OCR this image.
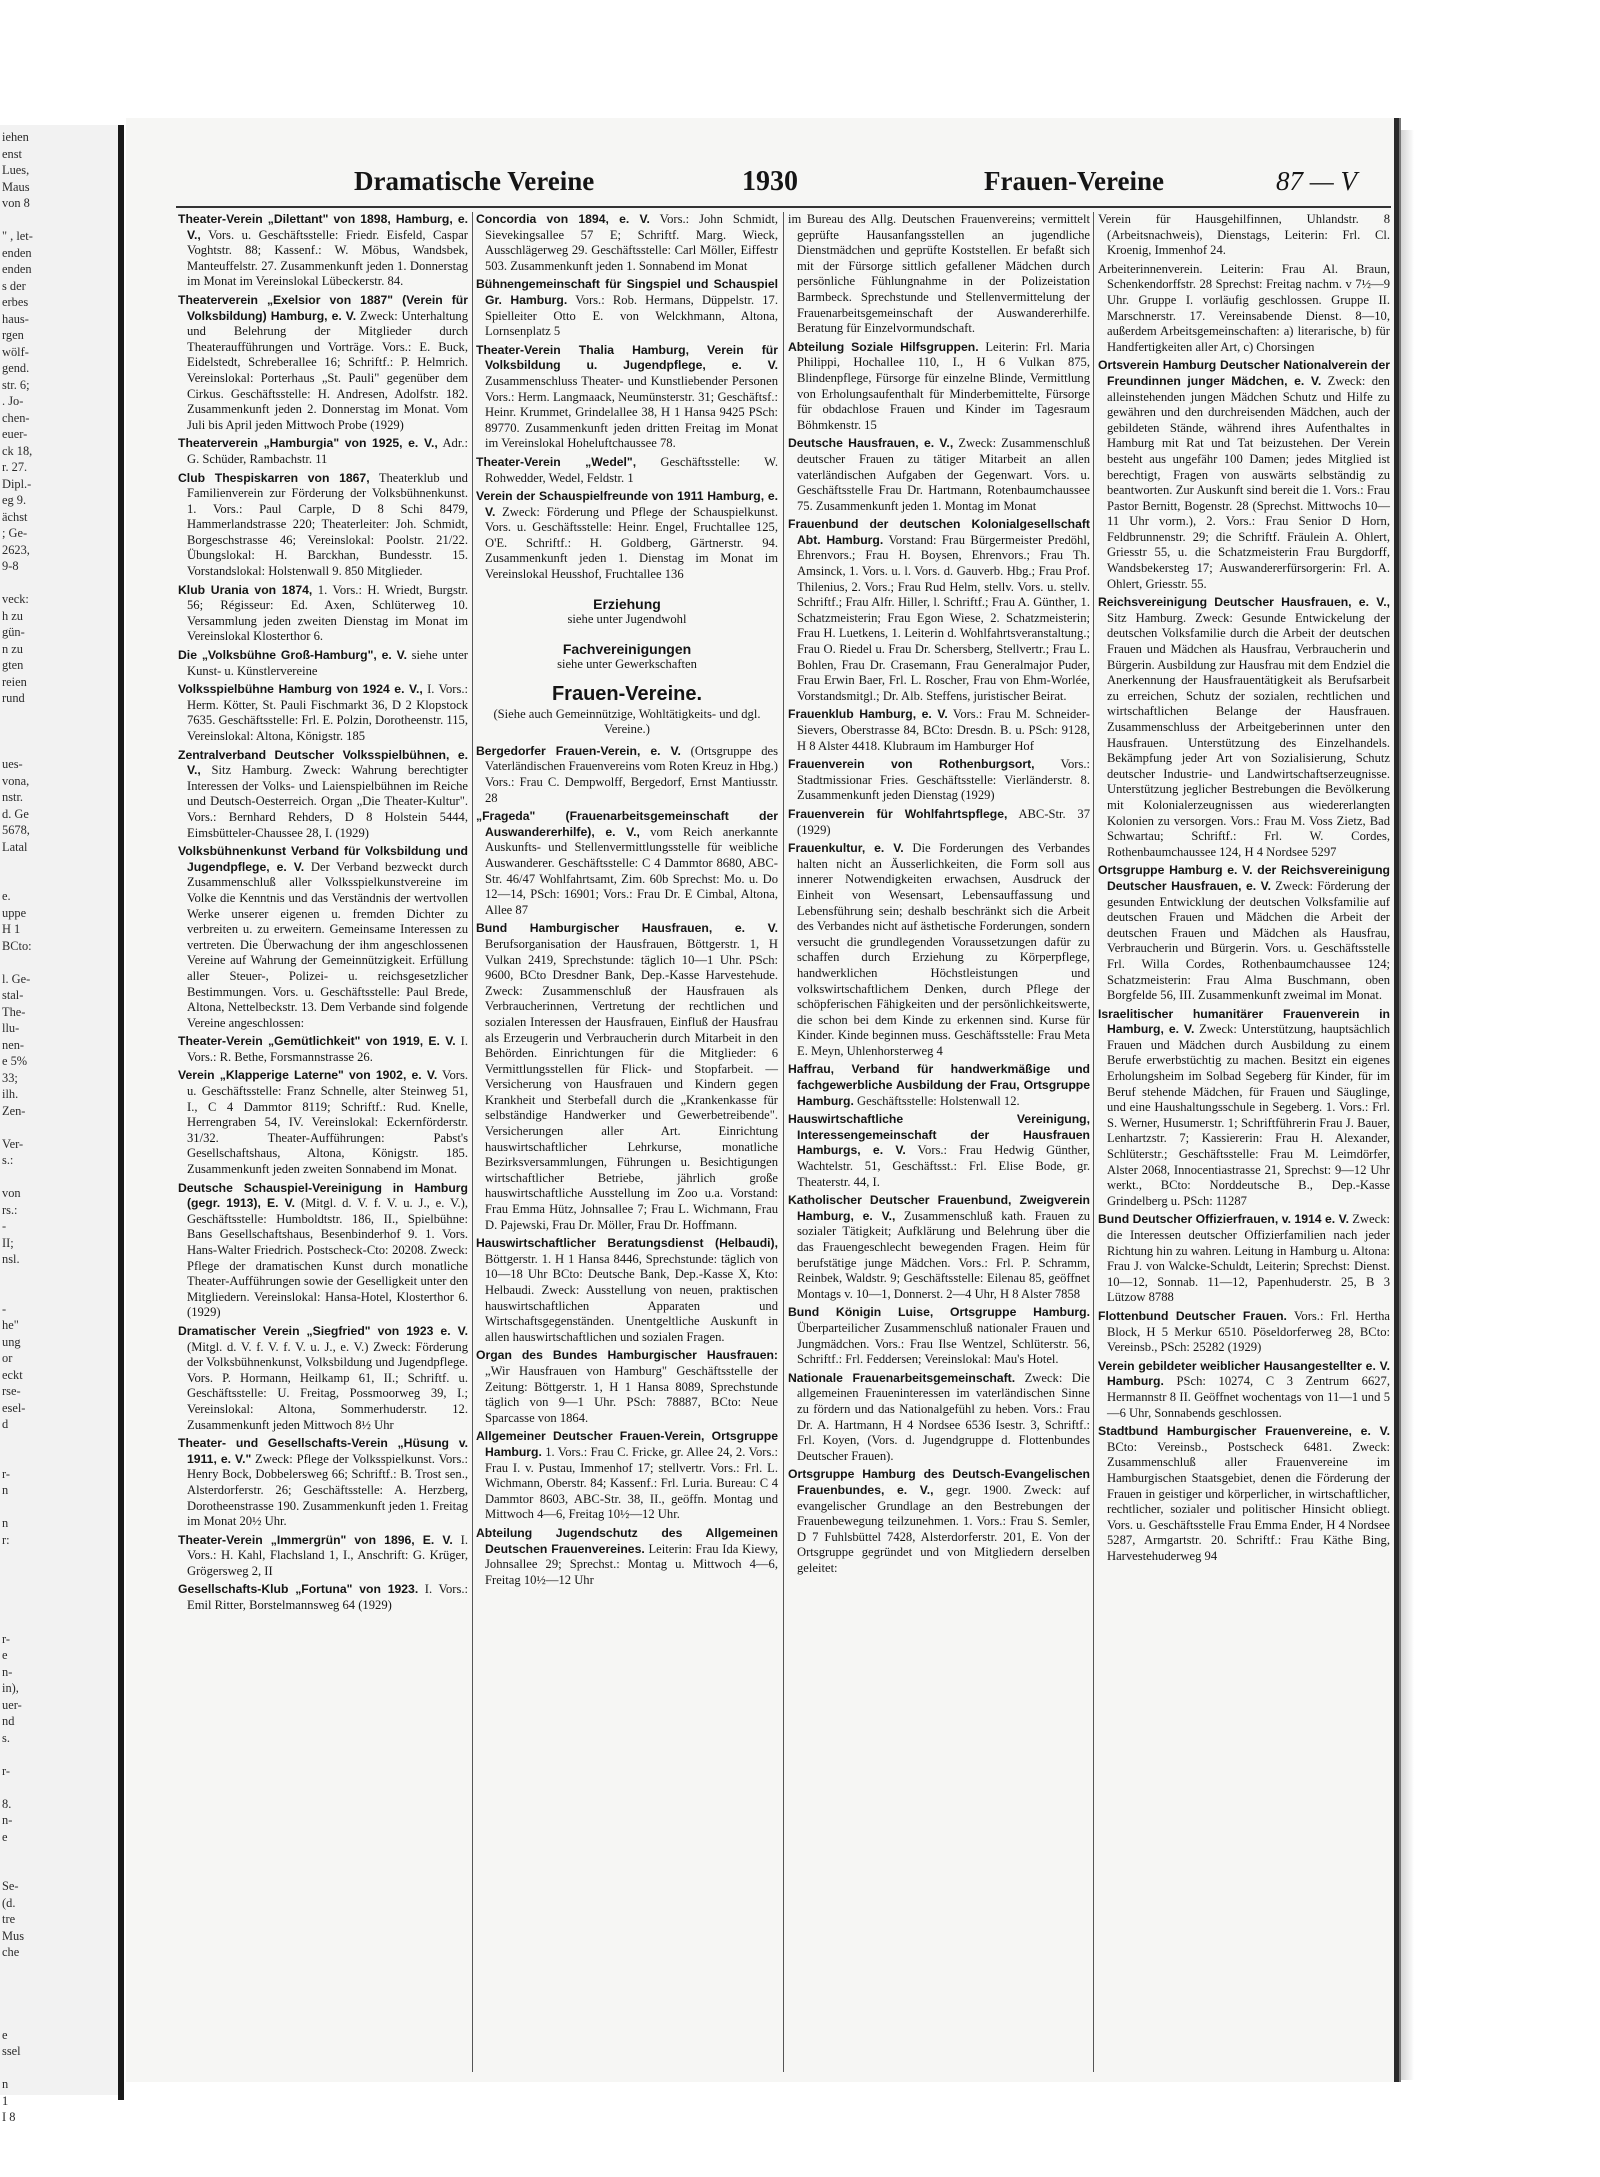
iehen
enst
Lues,
Maus
von 8

" , let-
enden
enden
s der
erbes
haus-
rgen
wölf-
gend.
str. 6;
. Jo-
chen-
euer-
ck 18,
r. 27.
Dipl.-
eg 9.
ächst
; Ge-
2623,
9-8

veck:
h zu
gün-
n zu
gten
reien
rund

ues-
vona,
nstr.
d. Ge
5678,
Latal

e.
uppe
H 1
BCto:

l. Ge-
stal-
The-
llu-
nen-
e 5%
33;
ilh.
Zen-

Ver-
s.:

von
rs.:
-
II;
nsl.

-
he"
ung
or
eckt
rse-
esel-
d

r-
n

n
r:

r-
e
n-
in),
uer-
nd
s.

r-

8.
n-
e

Se-
(d.
tre
Mus
che

e
ssel

n
1
I 8
Dramatische Vereine	1930	Frauen-Vereine	87 — V
Theater-Verein „Dilettant" von 1898, Hamburg, e. V., Vors. u. Geschäftsstelle: Friedr. Eisfeld, Caspar Voghtstr. 88; Kassenf.: W. Möbus, Wandsbek, Manteuffelstr. 27. Zusammenkunft jeden 1. Donnerstag im Monat im Vereinslokal Lübeckerstr. 84.
Theaterverein „Exelsior von 1887" (Verein für Volksbildung) Hamburg, e. V. Zweck: Unterhaltung und Belehrung der Mitglieder durch Theateraufführungen und Vorträge. Vors.: E. Buck, Eidelstedt, Schreberallee 16; Schriftf.: P. Helmrich. Vereinslokal: Porterhaus „St. Pauli" gegenüber dem Cirkus. Geschäftsstelle: H. Andresen, Adolfstr. 182. Zusammenkunft jeden 2. Donnerstag im Monat. Vom Juli bis April jeden Mittwoch Probe (1929)
Theaterverein „Hamburgia" von 1925, e. V., Adr.: G. Schüder, Rambachstr. 11
Club Thespiskarren von 1867, Theaterklub und Familienverein zur Förderung der Volksbühnenkunst. 1. Vors.: Paul Carple, D 8 Schi 8479, Hammerlandstrasse 220; Theaterleiter: Joh. Schmidt, Borgeschstrasse 46; Vereinslokal: Poolstr. 21/22. Übungslokal: H. Barckhan, Bundesstr. 15. Vorstandslokal: Holstenwall 9. 850 Mitglieder.
Klub Urania von 1874, 1. Vors.: H. Wriedt, Burgstr. 56; Régisseur: Ed. Axen, Schlüterweg 10. Versammlung jeden zweiten Dienstag im Monat im Vereinslokal Klosterthor 6.
Die „Volksbühne Groß-Hamburg", e. V. siehe unter Kunst- u. Künstlervereine
Volksspielbühne Hamburg von 1924 e. V., I. Vors.: Herm. Kötter, St. Pauli Fischmarkt 36, D 2 Klopstock 7635. Geschäftsstelle: Frl. E. Polzin, Dorotheenstr. 115, Vereinslokal: Altona, Königstr. 185
Zentralverband Deutscher Volksspielbühnen, e. V., Sitz Hamburg. Zweck: Wahrung berechtigter Interessen der Volks- und Laienspielbühnen im Reiche und Deutsch-Oesterreich. Organ „Die Theater-Kultur". Vors.: Bernhard Rehders, D 8 Holstein 5444, Eimsbütteler-Chaussee 28, I. (1929)
Volksbühnenkunst Verband für Volksbildung und Jugendpflege, e. V. Der Verband bezweckt durch Zusammenschluß aller Volksspielkunstvereine im Volke die Kenntnis und das Verständnis der wertvollen Werke unserer eigenen u. fremden Dichter zu verbreiten u. zu erweitern. Gemeinsame Interessen zu vertreten. Die Überwachung der ihm angeschlossenen Vereine auf Wahrung der Gemeinnützigkeit. Erfüllung aller Steuer-, Polizei- u. reichsgesetzlicher Bestimmungen. Vors. u. Geschäftsstelle: Paul Brede, Altona, Nettelbeckstr. 13. Dem Verbande sind folgende Vereine angeschlossen:
Theater-Verein „Gemütlichkeit" von 1919, E. V. I. Vors.: R. Bethe, Forsmannstrasse 26.
Verein „Klapperige Laterne" von 1902, e. V. Vors. u. Geschäftsstelle: Franz Schnelle, alter Steinweg 51, I., C 4 Dammtor 8119; Schriftf.: Rud. Knelle, Herrengraben 54, IV. Vereinslokal: Eckernförderstr. 31/32. Theater-Aufführungen: Pabst's Gesellschaftshaus, Altona, Königstr. 185. Zusammenkunft jeden zweiten Sonnabend im Monat.
Deutsche Schauspiel-Vereinigung in Hamburg (gegr. 1913), E. V. (Mitgl. d. V. f. V. u. J., e. V.), Geschäftsstelle: Humboldtstr. 186, II., Spielbühne: Bans Gesellschaftshaus, Besenbinderhof 9. 1. Vors. Hans-Walter Friedrich. Postscheck-Cto: 20208. Zweck: Pflege der dramatischen Kunst durch monatliche Theater-Aufführungen sowie der Geselligkeit unter den Mitgliedern. Vereinslokal: Hansa-Hotel, Klosterthor 6. (1929)
Dramatischer Verein „Siegfried" von 1923 e. V. (Mitgl. d. V. f. V. f. V. u. J., e. V.) Zweck: Förderung der Volksbühnenkunst, Volksbildung und Jugendpflege. Vors. P. Hormann, Heilkamp 61, II.; Schriftf. u. Geschäftsstelle: U. Freitag, Possmoorweg 39, I.; Vereinslokal: Altona, Sommerhuderstr. 12. Zusammenkunft jeden Mittwoch 8½ Uhr
Theater- und Gesellschafts-Verein „Hüsung v. 1911, e. V." Zweck: Pflege der Volksspielkunst. Vors.: Henry Bock, Dobbelersweg 66; Schriftf.: B. Trost sen., Alsterdorferstr. 26; Geschäftsstelle: A. Herzberg, Dorotheenstrasse 190. Zusammenkunft jeden 1. Freitag im Monat 20½ Uhr.
Theater-Verein „Immergrün" von 1896, E. V. I. Vors.: H. Kahl, Flachsland 1, I., Anschrift: G. Krüger, Grögersweg 2, II
Gesellschafts-Klub „Fortuna" von 1923. I. Vors.: Emil Ritter, Borstelmannsweg 64 (1929)
Concordia von 1894, e. V. Vors.: John Schmidt, Sievekingsallee 57 E; Schriftf. Marg. Wieck, Ausschlägerweg 29. Geschäftsstelle: Carl Möller, Eiffestr 503. Zusammenkunft jeden 1. Sonnabend im Monat
Bühnengemeinschaft für Singspiel und Schauspiel Gr. Hamburg. Vors.: Rob. Hermans, Düppelstr. 17. Spielleiter Otto E. von Welckhmann, Altona, Lornsenplatz 5
Theater-Verein Thalia Hamburg, Verein für Volksbildung u. Jugendpflege, e. V. Zusammenschluss Theater- und Kunstliebender Personen Vors.: Herm. Langmaack, Neumünsterstr. 31; Geschäftsf.: Heinr. Krummet, Grindelallee 38, H 1 Hansa 9425 PSch: 89770. Zusammenkunft jeden dritten Freitag im Monat im Vereinslokal Hoheluftchaussee 78.
Theater-Verein „Wedel", Geschäftsstelle: W. Rohwedder, Wedel, Feldstr. 1
Verein der Schauspielfreunde von 1911 Hamburg, e. V. Zweck: Förderung und Pflege der Schauspielkunst. Vors. u. Geschäftsstelle: Heinr. Engel, Fruchtallee 125, O'E. Schriftf.: H. Goldberg, Gärtnerstr. 94. Zusammenkunft jeden 1. Dienstag im Monat im Vereinslokal Heusshof, Fruchtallee 136
Erziehung
siehe unter Jugendwohl
Fachvereinigungen
siehe unter Gewerkschaften
Frauen-Vereine.
(Siehe auch Gemeinnützige, Wohltätigkeits- und dgl. Vereine.)
Bergedorfer Frauen-Verein, e. V. (Ortsgruppe des Vaterländischen Frauenvereins vom Roten Kreuz in Hbg.) Vors.: Frau C. Dempwolff, Bergedorf, Ernst Mantiusstr. 28
„Frageda" (Frauenarbeitsgemeinschaft der Auswandererhilfe), e. V., vom Reich anerkannte Auskunfts- und Stellenvermittlungsstelle für weibliche Auswanderer. Geschäftsstelle: C 4 Dammtor 8680, ABC-Str. 46/47 Wohlfahrtsamt, Zim. 60b Sprechst: Mo. u. Do 12—14, PSch: 16901; Vors.: Frau Dr. E Cimbal, Altona, Allee 87
Bund Hamburgischer Hausfrauen, e. V. Berufsorganisation der Hausfrauen, Böttgerstr. 1, H Vulkan 2419, Sprechstunde: täglich 10—1 Uhr. PSch: 9600, BCto Dresdner Bank, Dep.-Kasse Harvestehude. Zweck: Zusammenschluß der Hausfrauen als Verbraucherinnen, Vertretung der rechtlichen und sozialen Interessen der Hausfrauen, Einfluß der Hausfrau als Erzeugerin und Verbraucherin durch Mitarbeit in den Behörden. Einrichtungen für die Mitglieder: 6 Vermittlungsstellen für Flick- und Stopfarbeit. — Versicherung von Hausfrauen und Kindern gegen Krankheit und Sterbefall durch die „Krankenkasse für selbständige Handwerker und Gewerbetreibende". Versicherungen aller Art. Einrichtung hauswirtschaftlicher Lehrkurse, monatliche Bezirksversammlungen, Führungen u. Besichtigungen wirtschaftlicher Betriebe, jährlich große hauswirtschaftliche Ausstellung im Zoo u.a. Vorstand: Frau Emma Hütz, Johnsallee 7; Frau L. Wichmann, Frau D. Pajewski, Frau Dr. Möller, Frau Dr. Hoffmann.
Hauswirtschaftlicher Beratungsdienst (Helbaudi), Böttgerstr. 1. H 1 Hansa 8446, Sprechstunde: täglich von 10—18 Uhr BCto: Deutsche Bank, Dep.-Kasse X, Kto: Helbaudi. Zweck: Ausstellung von neuen, praktischen hauswirtschaftlichen Apparaten und Wirtschaftsgegenständen. Unentgeltliche Auskunft in allen hauswirtschaftlichen und sozialen Fragen.
Organ des Bundes Hamburgischer Hausfrauen: „Wir Hausfrauen von Hamburg" Geschäftsstelle der Zeitung: Böttgerstr. 1, H 1 Hansa 8089, Sprechstunde täglich von 9—1 Uhr. PSch: 78887, BCto: Neue Sparcasse von 1864.
Allgemeiner Deutscher Frauen-Verein, Ortsgruppe Hamburg. 1. Vors.: Frau C. Fricke, gr. Allee 24, 2. Vors.: Frau I. v. Pustau, Immenhof 17; stellvertr. Vors.: Frl. L. Wichmann, Oberstr. 84; Kassenf.: Frl. Luria. Bureau: C 4 Dammtor 8603, ABC-Str. 38, II., geöffn. Montag und Mittwoch 4—6, Freitag 10½—12 Uhr.
Abteilung Jugendschutz des Allgemeinen Deutschen Frauenvereines. Leiterin: Frau Ida Kiewy, Johnsallee 29; Sprechst.: Montag u. Mittwoch 4—6, Freitag 10½—12 Uhr
im Bureau des Allg. Deutschen Frauenvereins; vermittelt geprüfte Hausanfangsstellen an jugendliche Dienstmädchen und geprüfte Koststellen. Er befaßt sich mit der Fürsorge sittlich gefallener Mädchen durch persönliche Fühlungnahme in der Polizeistation Barmbeck. Sprechstunde und Stellenvermittelung der Frauenarbeitsgemeinschaft der Auswandererhilfe. Beratung für Einzelvormundschaft.
Abteilung Soziale Hilfsgruppen. Leiterin: Frl. Maria Philippi, Hochallee 110, I., H 6 Vulkan 875, Blindenpflege, Fürsorge für einzelne Blinde, Vermittlung von Erholungsaufenthalt für Minderbemittelte, Fürsorge für obdachlose Frauen und Kinder im Tagesraum Böhmkenstr. 15
Deutsche Hausfrauen, e. V., Zweck: Zusammenschluß deutscher Frauen zu tätiger Mitarbeit an allen vaterländischen Aufgaben der Gegenwart. Vors. u. Geschäftsstelle Frau Dr. Hartmann, Rotenbaumchaussee 75. Zusammenkunft jeden 1. Montag im Monat
Frauenbund der deutschen Kolonialgesellschaft Abt. Hamburg. Vorstand: Frau Bürgermeister Predöhl, Ehrenvors.; Frau H. Boysen, Ehrenvors.; Frau Th. Amsinck, 1. Vors. u. l. Vors. d. Gauverb. Hbg.; Frau Prof. Thilenius, 2. Vors.; Frau Rud Helm, stellv. Vors. u. stellv. Schriftf.; Frau Alfr. Hiller, l. Schriftf.; Frau A. Günther, 1. Schatzmeisterin; Frau Egon Wiese, 2. Schatzmeisterin; Frau H. Luetkens, 1. Leiterin d. Wohlfahrtsveranstaltung.; Frau O. Riedel u. Frau Dr. Schersberg, Stellvertr.; Frau L. Bohlen, Frau Dr. Crasemann, Frau Generalmajor Puder, Frau Erwin Baer, Frl. L. Roscher, Frau von Ehm-Worlée, Vorstandsmitgl.; Dr. Alb. Steffens, juristischer Beirat.
Frauenklub Hamburg, e. V. Vors.: Frau M. Schneider-Sievers, Oberstrasse 84, BCto: Dresdn. B. u. PSch: 9128, H 8 Alster 4418. Klubraum im Hamburger Hof
Frauenverein von Rothenburgsort, Vors.: Stadtmissionar Fries. Geschäftsstelle: Vierländerstr. 8. Zusammenkunft jeden Dienstag (1929)
Frauenverein für Wohlfahrtspflege, ABC-Str. 37 (1929)
Frauenkultur, e. V. Die Forderungen des Verbandes halten nicht an Äusserlichkeiten, die Form soll aus innerer Notwendigkeiten erwachsen, Ausdruck der Einheit von Wesensart, Lebensauffassung und Lebensführung sein; deshalb beschränkt sich die Arbeit des Verbandes nicht auf ästhetische Forderungen, sondern versucht die grundlegenden Voraussetzungen dafür zu schaffen durch Erziehung zu Körperpflege, handwerklichen Höchstleistungen und volkswirtschaftlichem Denken, durch Pflege der schöpferischen Fähigkeiten und der persönlichkeitswerte, die schon bei dem Kinde zu erkennen sind. Kurse für Kinder. Kinde beginnen muss. Geschäftsstelle: Frau Meta E. Meyn, Uhlenhorsterweg 4
Haffrau, Verband für handwerkmäßige und fachgewerbliche Ausbildung der Frau, Ortsgruppe Hamburg. Geschäftsstelle: Holstenwall 12.
Hauswirtschaftliche Vereinigung, Interessengemeinschaft der Hausfrauen Hamburgs, e. V. Vors.: Frau Hedwig Günther, Wachtelstr. 51, Geschäftsst.: Frl. Elise Bode, gr. Theaterstr. 44, I.
Katholischer Deutscher Frauenbund, Zweigverein Hamburg, e. V., Zusammenschluß kath. Frauen zu sozialer Tätigkeit; Aufklärung und Belehrung über die das Frauengeschlecht bewegenden Fragen. Heim für berufstätige junge Mädchen. Vors.: Frl. P. Schramm, Reinbek, Waldstr. 9; Geschäftsstelle: Eilenau 85, geöffnet Montags v. 10—1, Donnerst. 2—4 Uhr, H 8 Alster 7858
Bund Königin Luise, Ortsgruppe Hamburg. Überparteilicher Zusammenschluß nationaler Frauen und Jungmädchen. Vors.: Frau Ilse Wentzel, Schlüterstr. 56, Schriftf.: Frl. Feddersen; Vereinslokal: Mau's Hotel.
Nationale Frauenarbeitsgemeinschaft. Zweck: Die allgemeinen Fraueninteressen im vaterländischen Sinne zu fördern und das Nationalgefühl zu heben. Vors.: Frau Dr. A. Hartmann, H 4 Nordsee 6536 Isestr. 3, Schriftf.: Frl. Koyen, (Vors. d. Jugendgruppe d. Flottenbundes Deutscher Frauen).
Ortsgruppe Hamburg des Deutsch-Evangelischen Frauenbundes, e. V., gegr. 1900. Zweck: auf evangelischer Grundlage an den Bestrebungen der Frauenbewegung teilzunehmen. 1. Vors.: Frau S. Semler, D 7 Fuhlsbüttel 7428, Alsterdorferstr. 201, E. Von der Ortsgruppe gegründet und von Mitgliedern derselben geleitet:
Verein für Hausgehilfinnen, Uhlandstr. 8 (Arbeitsnachweis), Dienstags, Leiterin: Frl. Cl. Kroenig, Immenhof 24.
Arbeiterinnenverein. Leiterin: Frau Al. Braun, Schenkendorffstr. 28 Sprechst: Freitag nachm. v 7½—9 Uhr. Gruppe I. vorläufig geschlossen. Gruppe II. Marschnerstr. 17. Vereinsabende Dienst. 8—10, außerdem Arbeitsgemeinschaften: a) literarische, b) für Handfertigkeiten aller Art, c) Chorsingen
Ortsverein Hamburg Deutscher Nationalverein der Freundinnen junger Mädchen, e. V. Zweck: den alleinstehenden jungen Mädchen Schutz und Hilfe zu gewähren und den durchreisenden Mädchen, auch der gebildeten Stände, während ihres Aufenthaltes in Hamburg mit Rat und Tat beizustehen. Der Verein besteht aus ungefähr 100 Damen; jedes Mitglied ist berechtigt, Fragen von auswärts selbständig zu beantworten. Zur Auskunft sind bereit die 1. Vors.: Frau Pastor Bernitt, Bogenstr. 28 (Sprechst. Mittwochs 10—11 Uhr vorm.), 2. Vors.: Frau Senior D Horn, Feldbrunnenstr. 29; die Schriftf. Fräulein A. Ohlert, Griesstr 55, u. die Schatzmeisterin Frau Burgdorff, Wandsbekersteg 17; Auswandererfürsorgerin: Frl. A. Ohlert, Griesstr. 55.
Reichsvereinigung Deutscher Hausfrauen, e. V., Sitz Hamburg. Zweck: Gesunde Entwickelung der deutschen Volksfamilie durch die Arbeit der deutschen Frauen und Mädchen als Hausfrau, Verbraucherin und Bürgerin. Ausbildung zur Hausfrau mit dem Endziel die Anerkennung der Hausfrauentätigkeit als Berufsarbeit zu erreichen, Schutz der sozialen, rechtlichen und wirtschaftlichen Belange der Hausfrauen. Zusammenschluss der Arbeitgeberinnen unter den Hausfrauen. Unterstützung des Einzelhandels. Bekämpfung jeder Art von Sozialisierung, Schutz deutscher Industrie- und Landwirtschaftserzeugnisse. Unterstützung jeglicher Bestrebungen die Bevölkerung mit Kolonialerzeugnissen aus wiedererlangten Kolonien zu versorgen. Vors.: Frau M. Voss Zietz, Bad Schwartau; Schriftf.: Frl. W. Cordes, Rothenbaumchaussee 124, H 4 Nordsee 5297
Ortsgruppe Hamburg e. V. der Reichsvereinigung Deutscher Hausfrauen, e. V. Zweck: Förderung der gesunden Entwicklung der deutschen Volksfamilie auf deutschen Frauen und Mädchen die Arbeit der deutschen Frauen und Mädchen als Hausfrau, Verbraucherin und Bürgerin. Vors. u. Geschäftsstelle Frl. Willa Cordes, Rothenbaumchaussee 124; Schatzmeisterin: Frau Alma Buschmann, oben Borgfelde 56, III. Zusammenkunft zweimal im Monat.
Israelitischer humanitärer Frauenverein in Hamburg, e. V. Zweck: Unterstützung, hauptsächlich Frauen und Mädchen durch Ausbildung zu einem Berufe erwerbstüchtig zu machen. Besitzt ein eigenes Erholungsheim im Solbad Segeberg für Kinder, für im Beruf stehende Mädchen, für Frauen und Säuglinge, und eine Haushaltungsschule in Segeberg. 1. Vors.: Frl. S. Werner, Husumerstr. 1; Schriftführerin Frau J. Bauer, Lenhartzstr. 7; Kassiererin: Frau H. Alexander, Schlüterstr.; Geschäftsstelle: Frau M. Leimdörfer, Alster 2068, Innocentiastrasse 21, Sprechst: 9—12 Uhr werkt., BCto: Norddeutsche B., Dep.-Kasse Grindelberg u. PSch: 11287
Bund Deutscher Offizierfrauen, v. 1914 e. V. Zweck: die Interessen deutscher Offizierfamilien nach jeder Richtung hin zu wahren. Leitung in Hamburg u. Altona: Frau J. von Walcke-Schuldt, Leiterin; Sprechst: Dienst. 10—12, Sonnab. 11—12, Papenhuderstr. 25, B 3 Lützow 8788
Flottenbund Deutscher Frauen. Vors.: Frl. Hertha Block, H 5 Merkur 6510. Pöseldorferweg 28, BCto: Vereinsb., PSch: 25282 (1929)
Verein gebildeter weiblicher Hausangestellter e. V. Hamburg. PSch: 10274, C 3 Zentrum 6627, Hermannstr 8 II. Geöffnet wochentags von 11—1 und 5—6 Uhr, Sonnabends geschlossen.
Stadtbund Hamburgischer Frauenvereine, e. V. BCto: Vereinsb., Postscheck 6481. Zweck: Zusammenschluß aller Frauenvereine im Hamburgischen Staatsgebiet, denen die Förderung der Frauen in geistiger und körperlicher, in wirtschaftlicher, rechtlicher, sozialer und politischer Hinsicht obliegt. Vors. u. Geschäftsstelle Frau Emma Ender, H 4 Nordsee 5287, Armgartstr. 20. Schriftf.: Frau Käthe Bing, Harvestehuderweg 94
